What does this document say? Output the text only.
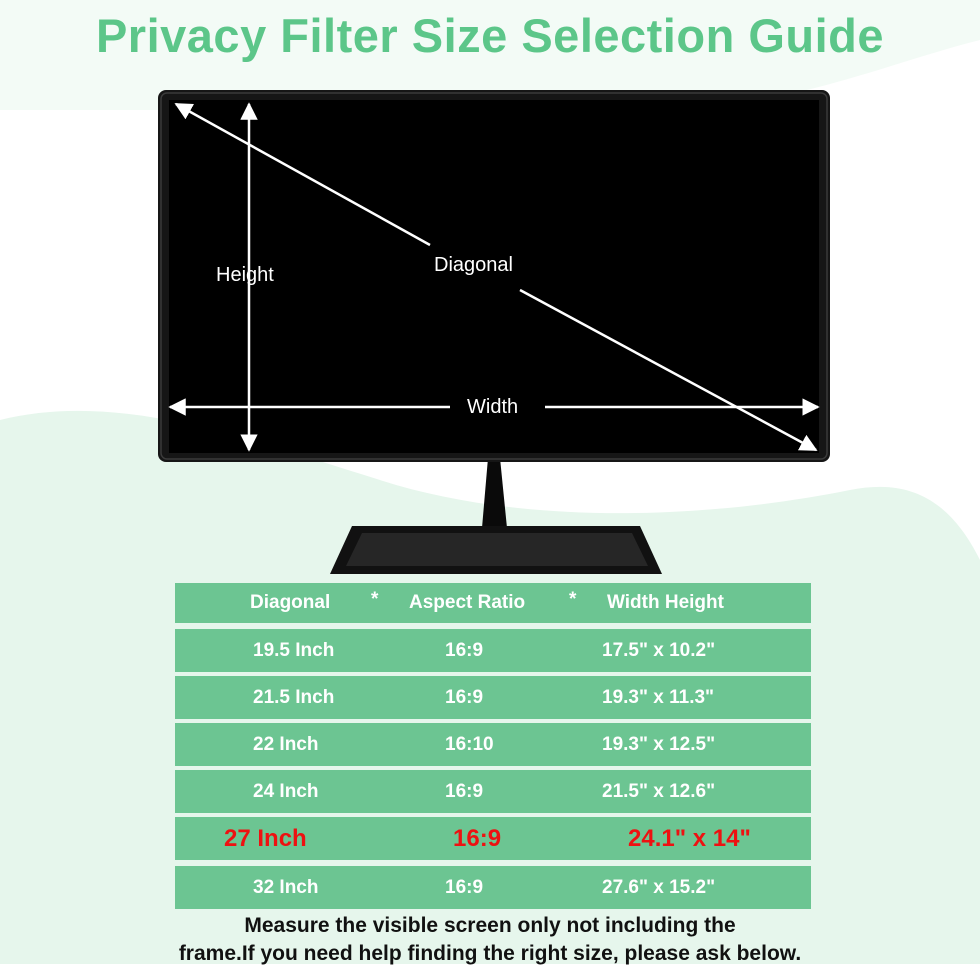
Privacy Filter Size Selection Guide
Height	Diagonal
Width
Diagonal * Aspect Ratio * Width Height
19.5 Inch	16:9	17.5" x 10.2"
21.5 Inch	16:9	19.3" x 11.3"
22 Inch	16:10	19.3" x 12.5"
24 Inch	16:9	21.5" x 12.6"
27 Inch	16:9	24.1" x 14"
32 Inch	16:9	27.6" x 15.2"
Measure the visible screen only not including the
frame.If you need help finding the right size, please ask below.
